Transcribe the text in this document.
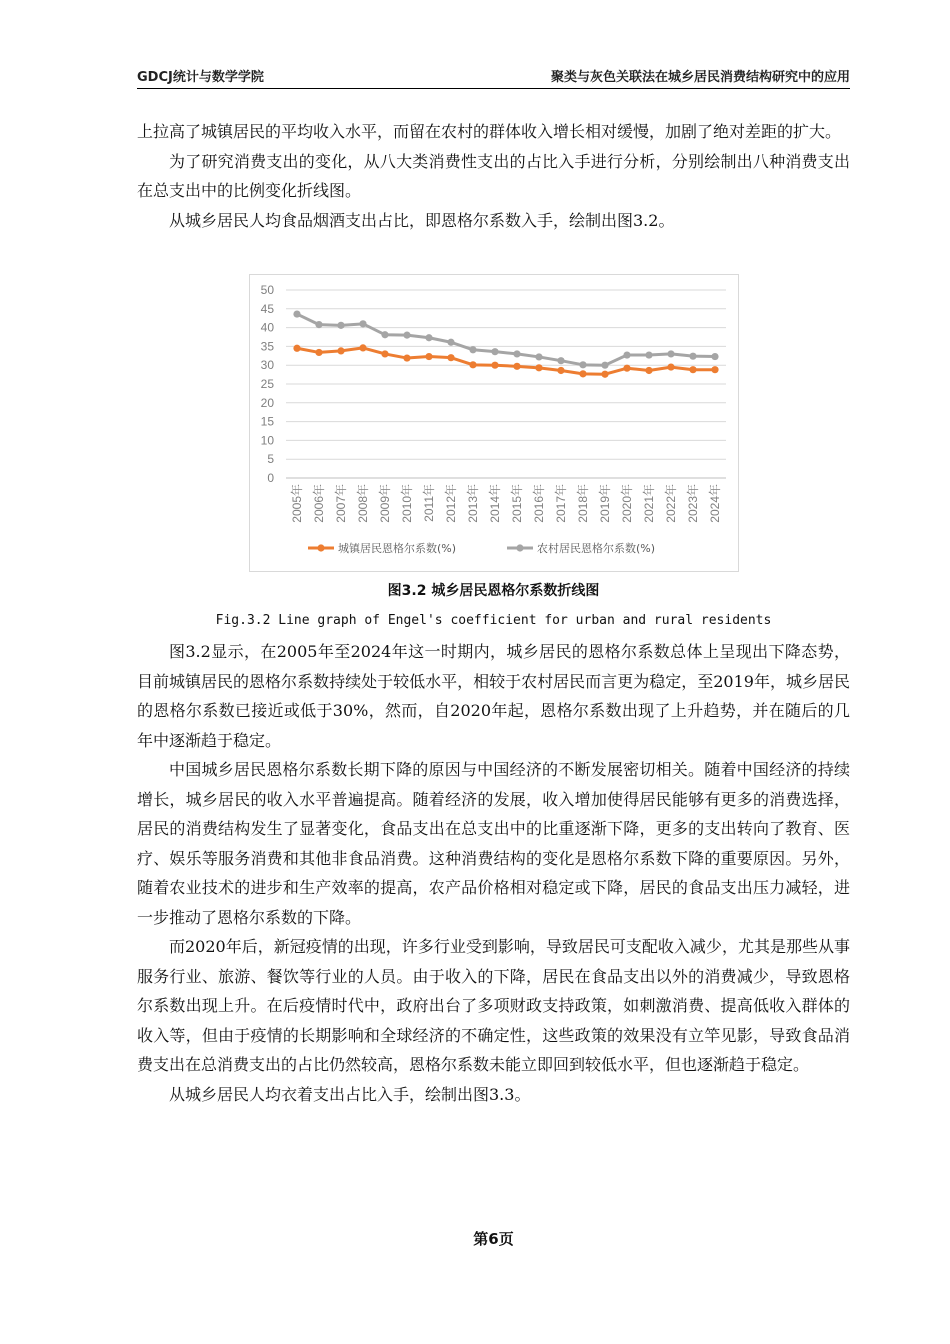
GDCJ统计与数学学院	聚类与灰色关联法在城乡居民消费结构研究中的应用

上拉高了城镇居民的平均收入水平，而留在农村的群体收入增长相对缓慢，加剧了绝对差距的扩大。

为了研究消费支出的变化，从八大类消费性支出的占比入手进行分析，分别绘制出八种消费支出在总支出中的比例变化折线图。

从城乡居民人均食品烟酒支出占比，即恩格尔系数入手，绘制出图3.2。

0
5
10
15
20
25
30
35
40
45
50
2005年 2006年 2007年 2008年 2009年 2010年 2011年 2012年 2013年 2014年 2015年 2016年 2017年 2018年 2019年 2020年 2021年 2022年 2023年 2024年
城镇居民恩格尔系数(%)	农村居民恩格尔系数(%)
图3.2 城乡居民恩格尔系数折线图
Fig.3.2 Line graph of Engel's coefficient for urban and rural residents

图3.2显示，在2005年至2024年这一时期内，城乡居民的恩格尔系数总体上呈现出下降态势，目前城镇居民的恩格尔系数持续处于较低水平，相较于农村居民而言更为稳定，至2019年，城乡居民的恩格尔系数已接近或低于30%，然而，自2020年起，恩格尔系数出现了上升趋势，并在随后的几年中逐渐趋于稳定。

中国城乡居民恩格尔系数长期下降的原因与中国经济的不断发展密切相关。随着中国经济的持续增长，城乡居民的收入水平普遍提高。随着经济的发展，收入增加使得居民能够有更多的消费选择，居民的消费结构发生了显著变化，食品支出在总支出中的比重逐渐下降，更多的支出转向了教育、医疗、娱乐等服务消费和其他非食品消费。这种消费结构的变化是恩格尔系数下降的重要原因。另外，随着农业技术的进步和生产效率的提高，农产品价格相对稳定或下降，居民的食品支出压力减轻，进一步推动了恩格尔系数的下降。

而2020年后，新冠疫情的出现，许多行业受到影响，导致居民可支配收入减少，尤其是那些从事服务行业、旅游、餐饮等行业的人员。由于收入的下降，居民在食品支出以外的消费减少，导致恩格尔系数出现上升。在后疫情时代中，政府出台了多项财政支持政策，如刺激消费、提高低收入群体的收入等，但由于疫情的长期影响和全球经济的不确定性，这些政策的效果没有立竿见影，导致食品消费支出在总消费支出的占比仍然较高，恩格尔系数未能立即回到较低水平，但也逐渐趋于稳定。

从城乡居民人均衣着支出占比入手，绘制出图3.3。

第6页
